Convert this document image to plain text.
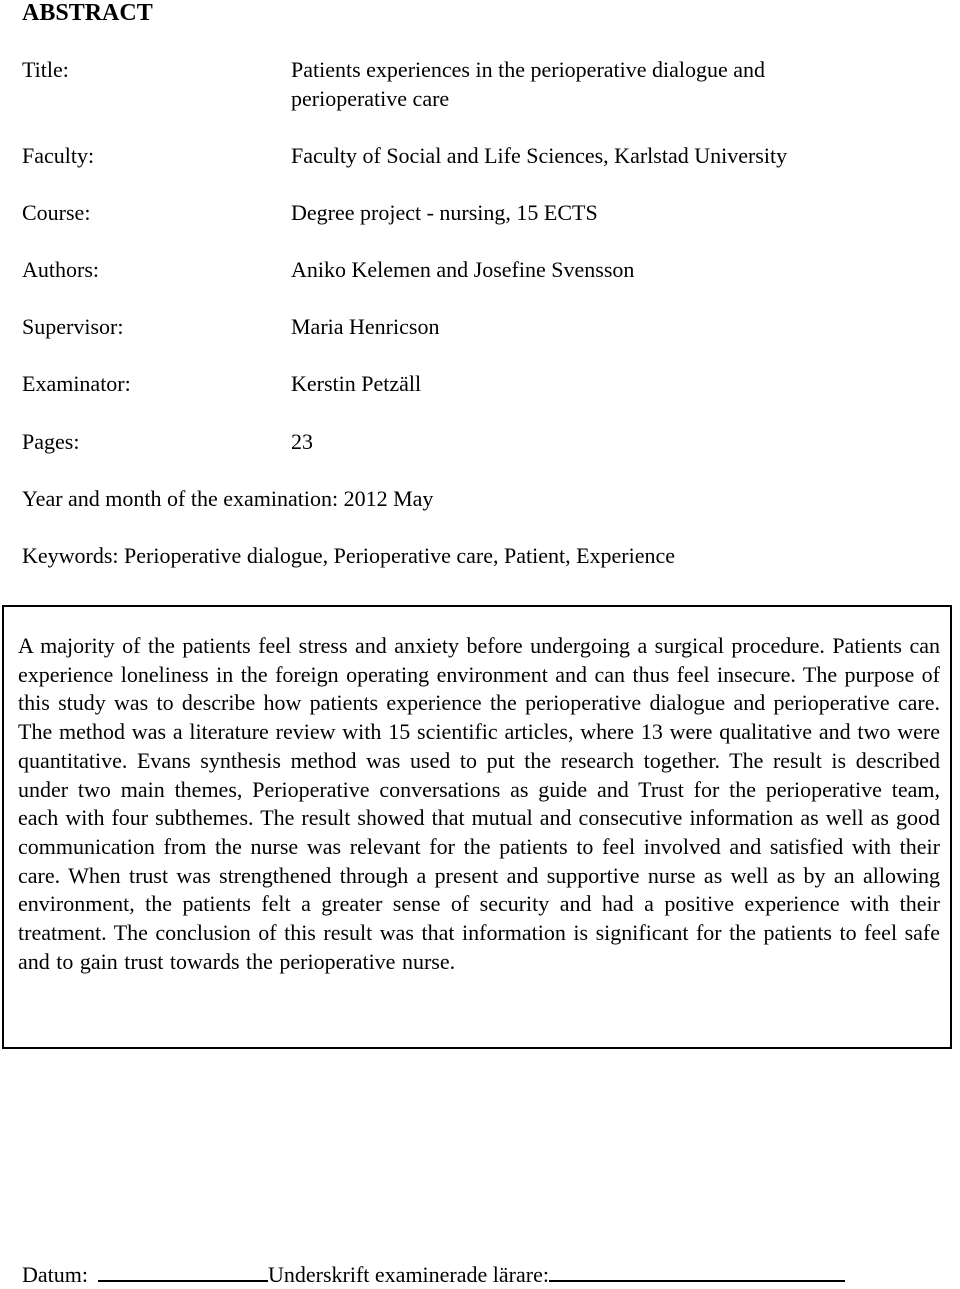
ABSTRACT
Title:	Patients experiences in the perioperative dialogue and
perioperative care
Faculty:	Faculty of Social and Life Sciences, Karlstad University
Course:	Degree project - nursing, 15 ECTS
Authors:	Aniko Kelemen and Josefine Svensson
Supervisor:	Maria Henricson
Examinator:	Kerstin Petzäll
Pages:	23
Year and month of the examination: 2012 May
Keywords: Perioperative dialogue, Perioperative care, Patient, Experience
A majority of the patients feel stress and anxiety before undergoing a surgical procedure. Patients can experience loneliness in the foreign operating environment and can thus feel insecure. The purpose of this study was to describe how patients experience the perioperative dialogue and perioperative care. The method was a literature review with 15 scientific articles, where 13 were qualitative and two were quantitative. Evans synthesis method was used to put the research together. The result is described under two main themes, Perioperative conversations as guide and Trust for the perioperative team, each with four subthemes. The result showed that mutual and consecutive information as well as good communication from the nurse was relevant for the patients to feel involved and satisfied with their care. When trust was strengthened through a present and supportive nurse as well as by an allowing environment, the patients felt a greater sense of security and had a positive experience with their treatment. The conclusion of this result was that information is significant for the patients to feel safe and to gain trust towards the perioperative nurse.
Datum:	Underskrift examinerade lärare:
